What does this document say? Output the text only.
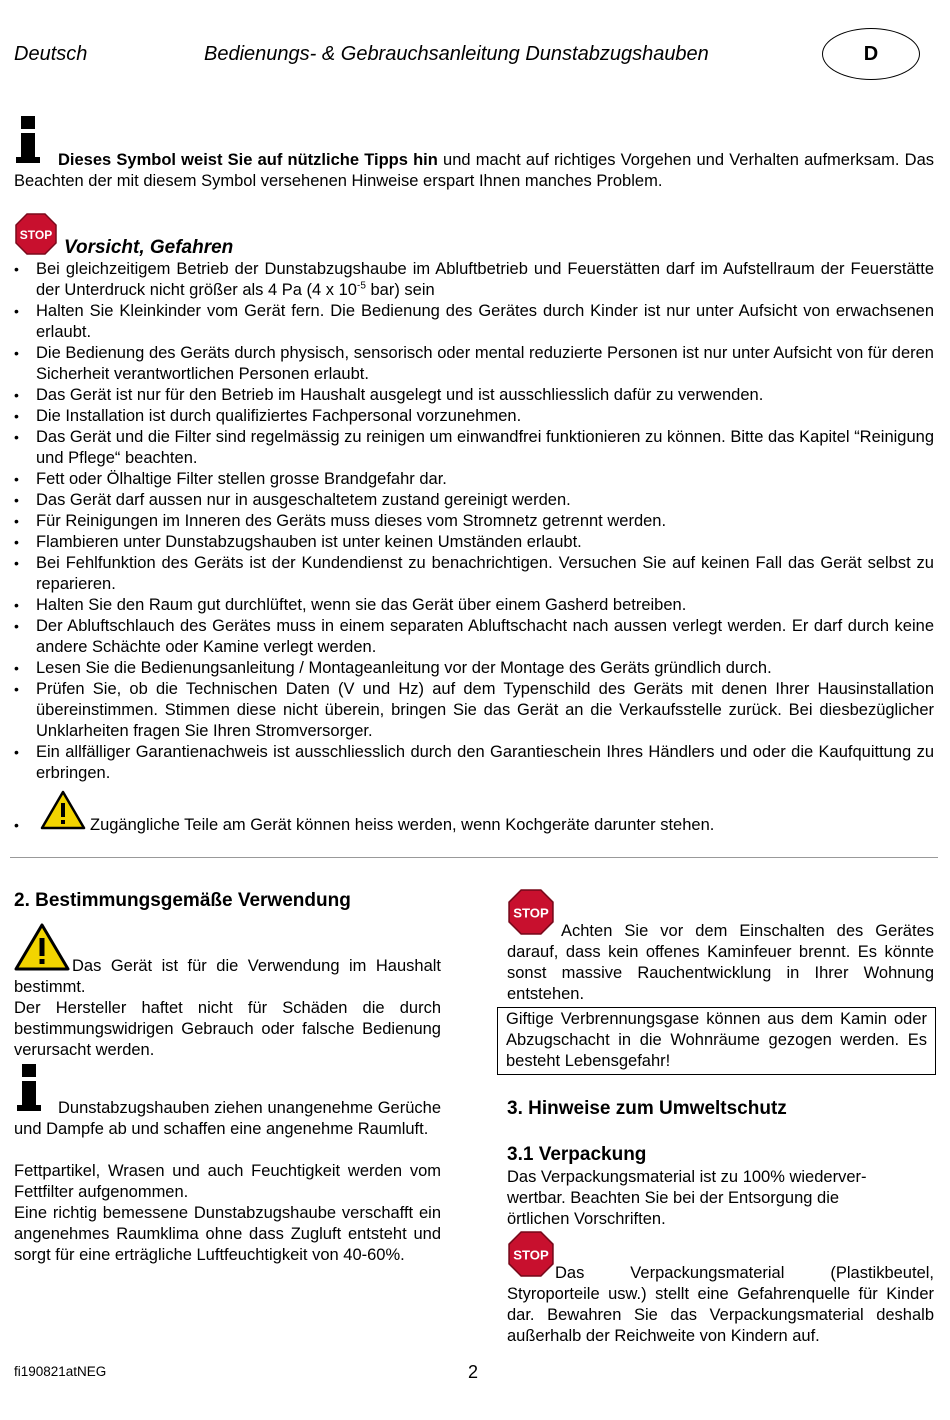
Deutsch	Bedienungs- & Gebrauchsanleitung Dunstabzugshauben	D
Dieses Symbol weist Sie auf nützliche Tipps hin und macht auf richtiges Vorgehen und Verhalten aufmerksam. Das Beachten der mit diesem Symbol versehenen Hinweise erspart Ihnen manches Problem.
STOP
Vorsicht, Gefahren
• Bei gleichzeitigem Betrieb der Dunstabzugshaube im Abluftbetrieb und Feuerstätten darf im Aufstellraum der Feuerstätte der Unterdruck nicht größer als 4 Pa (4 x $10^{-5}$ bar) sein
• Halten Sie Kleinkinder vom Gerät fern. Die Bedienung des Gerätes durch Kinder ist nur unter Aufsicht von erwachsenen erlaubt.
• Die Bedienung des Geräts durch physisch, sensorisch oder mental reduzierte Personen ist nur unter Aufsicht von für deren Sicherheit verantwortlichen Personen erlaubt.
• Das Gerät ist nur für den Betrieb im Haushalt ausgelegt und ist ausschliesslich dafür zu verwenden.
• Die Installation ist durch qualifiziertes Fachpersonal vorzunehmen.
• Das Gerät und die Filter sind regelmässig zu reinigen um einwandfrei funktionieren zu können. Bitte das Kapitel “Reinigung und Pflege“ beachten.
• Fett oder Ölhaltige Filter stellen grosse Brandgefahr dar.
• Das Gerät darf aussen nur in ausgeschaltetem zustand gereinigt werden.
• Für Reinigungen im Inneren des Geräts muss dieses vom Stromnetz getrennt werden.
• Flambieren unter Dunstabzugshauben ist unter keinen Umständen erlaubt.
• Bei Fehlfunktion des Geräts ist der Kundendienst zu benachrichtigen. Versuchen Sie auf keinen Fall das Gerät selbst zu reparieren.
• Halten Sie den Raum gut durchlüftet, wenn sie das Gerät über einem Gasherd betreiben.
• Der Abluftschlauch des Gerätes muss in einem separaten Abluftschacht nach aussen verlegt werden. Er darf durch keine andere Schächte oder Kamine verlegt werden.
• Lesen Sie die Bedienungsanleitung / Montageanleitung vor der Montage des Geräts gründlich durch.
• Prüfen Sie, ob die Technischen Daten (V und Hz) auf dem Typenschild des Geräts mit denen Ihrer Hausinstallation übereinstimmen. Stimmen diese nicht überein, bringen Sie das Gerät an die Verkaufsstelle zurück. Bei diesbezüglicher Unklarheiten fragen Sie Ihren Stromversorger.
• Ein allfälliger Garantienachweis ist ausschliesslich durch den Garantieschein Ihres Händlers und oder die Kaufquittung zu erbringen.
•	Zugängliche Teile am Gerät können heiss werden, wenn Kochgeräte darunter stehen.
2. Bestimmungsgemäße Verwendung
Das Gerät ist für die Verwendung im Haushalt bestimmt.

Der Hersteller haftet nicht für Schäden die durch bestimmungswidrigen Gebrauch oder falsche Bedienung verursacht werden.

Dunstabzugshauben ziehen unangenehme Gerüche und Dampfe ab und schaffen eine angenehme Raumluft.

Fettpartikel, Wrasen und auch Feuchtigkeit werden vom Fettfilter aufgenommen.

Eine richtig bemessene Dunstabzugshaube verschafft ein angenehmes Raumklima ohne dass Zugluft entsteht und sorgt für eine erträgliche Luftfeuchtigkeit von 40-60%.

STOP
Achten Sie vor dem Einschalten des Gerätes darauf, dass kein offenes Kaminfeuer brennt. Es könnte sonst massive Rauchentwicklung in Ihrer Wohnung entstehen.
Giftige Verbrennungsgase können aus dem Kamin oder Abzugschacht in die Wohnräume gezogen werden. Es besteht Lebensgefahr!
3. Hinweise zum Umweltschutz
3.1 Verpackung
Das Verpackungsmaterial ist zu 100% wiederver-
wertbar. Beachten Sie bei der Entsorgung die
örtlichen Vorschriften.
STOP
Das Verpackungsmaterial (Plastikbeutel, Styroporteile usw.) stellt eine Gefahrenquelle für Kinder dar. Bewahren Sie das Verpackungsmaterial deshalb außerhalb der Reichweite von Kindern auf.
fi190821atNEG	2
